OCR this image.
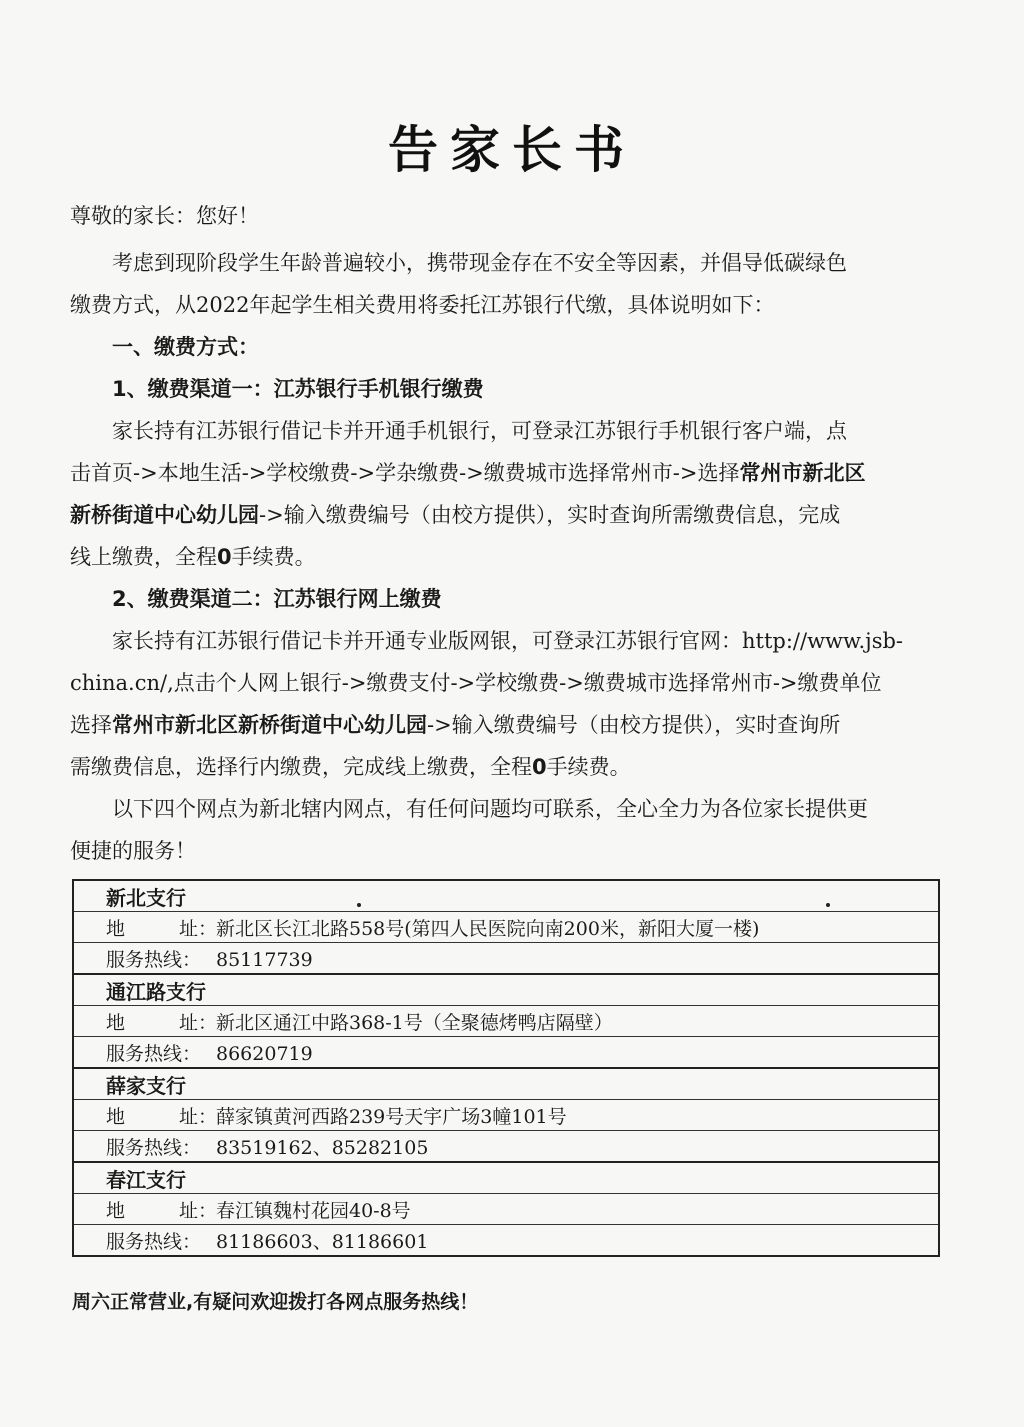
告家长书
尊敬的家长：您好！
考虑到现阶段学生年龄普遍较小，携带现金存在不安全等因素，并倡导低碳绿色
缴费方式，从2022年起学生相关费用将委托江苏银行代缴，具体说明如下：
一、缴费方式：
1、缴费渠道一：江苏银行手机银行缴费
家长持有江苏银行借记卡并开通手机银行，可登录江苏银行手机银行客户端，点
击首页->本地生活->学校缴费->学杂缴费->缴费城市选择常州市->选择常州市新北区
新桥街道中心幼儿园->输入缴费编号（由校方提供），实时查询所需缴费信息，完成
线上缴费，全程0手续费。
2、缴费渠道二：江苏银行网上缴费
家长持有江苏银行借记卡并开通专业版网银，可登录江苏银行官网：http://www.jsb-
china.cn/,点击个人网上银行->缴费支付->学校缴费->缴费城市选择常州市->缴费单位
选择常州市新北区新桥街道中心幼儿园->输入缴费编号（由校方提供），实时查询所
需缴费信息，选择行内缴费，完成线上缴费，全程0手续费。
以下四个网点为新北辖内网点，有任何问题均可联系，全心全力为各位家长提供更
便捷的服务！
新北支行
地	址：新北区长江北路558号(第四人民医院向南200米，新阳大厦一楼)
服务热线： 85117739
通江路支行
地	址：新北区通江中路368-1号（全聚德烤鸭店隔壁）
服务热线： 86620719
薛家支行
地	址：薛家镇黄河西路239号天宇广场3幢101号
服务热线： 83519162、85282105
春江支行
地	址：春江镇魏村花园40-8号
服务热线： 81186603、81186601
周六正常营业,有疑问欢迎拨打各网点服务热线！
